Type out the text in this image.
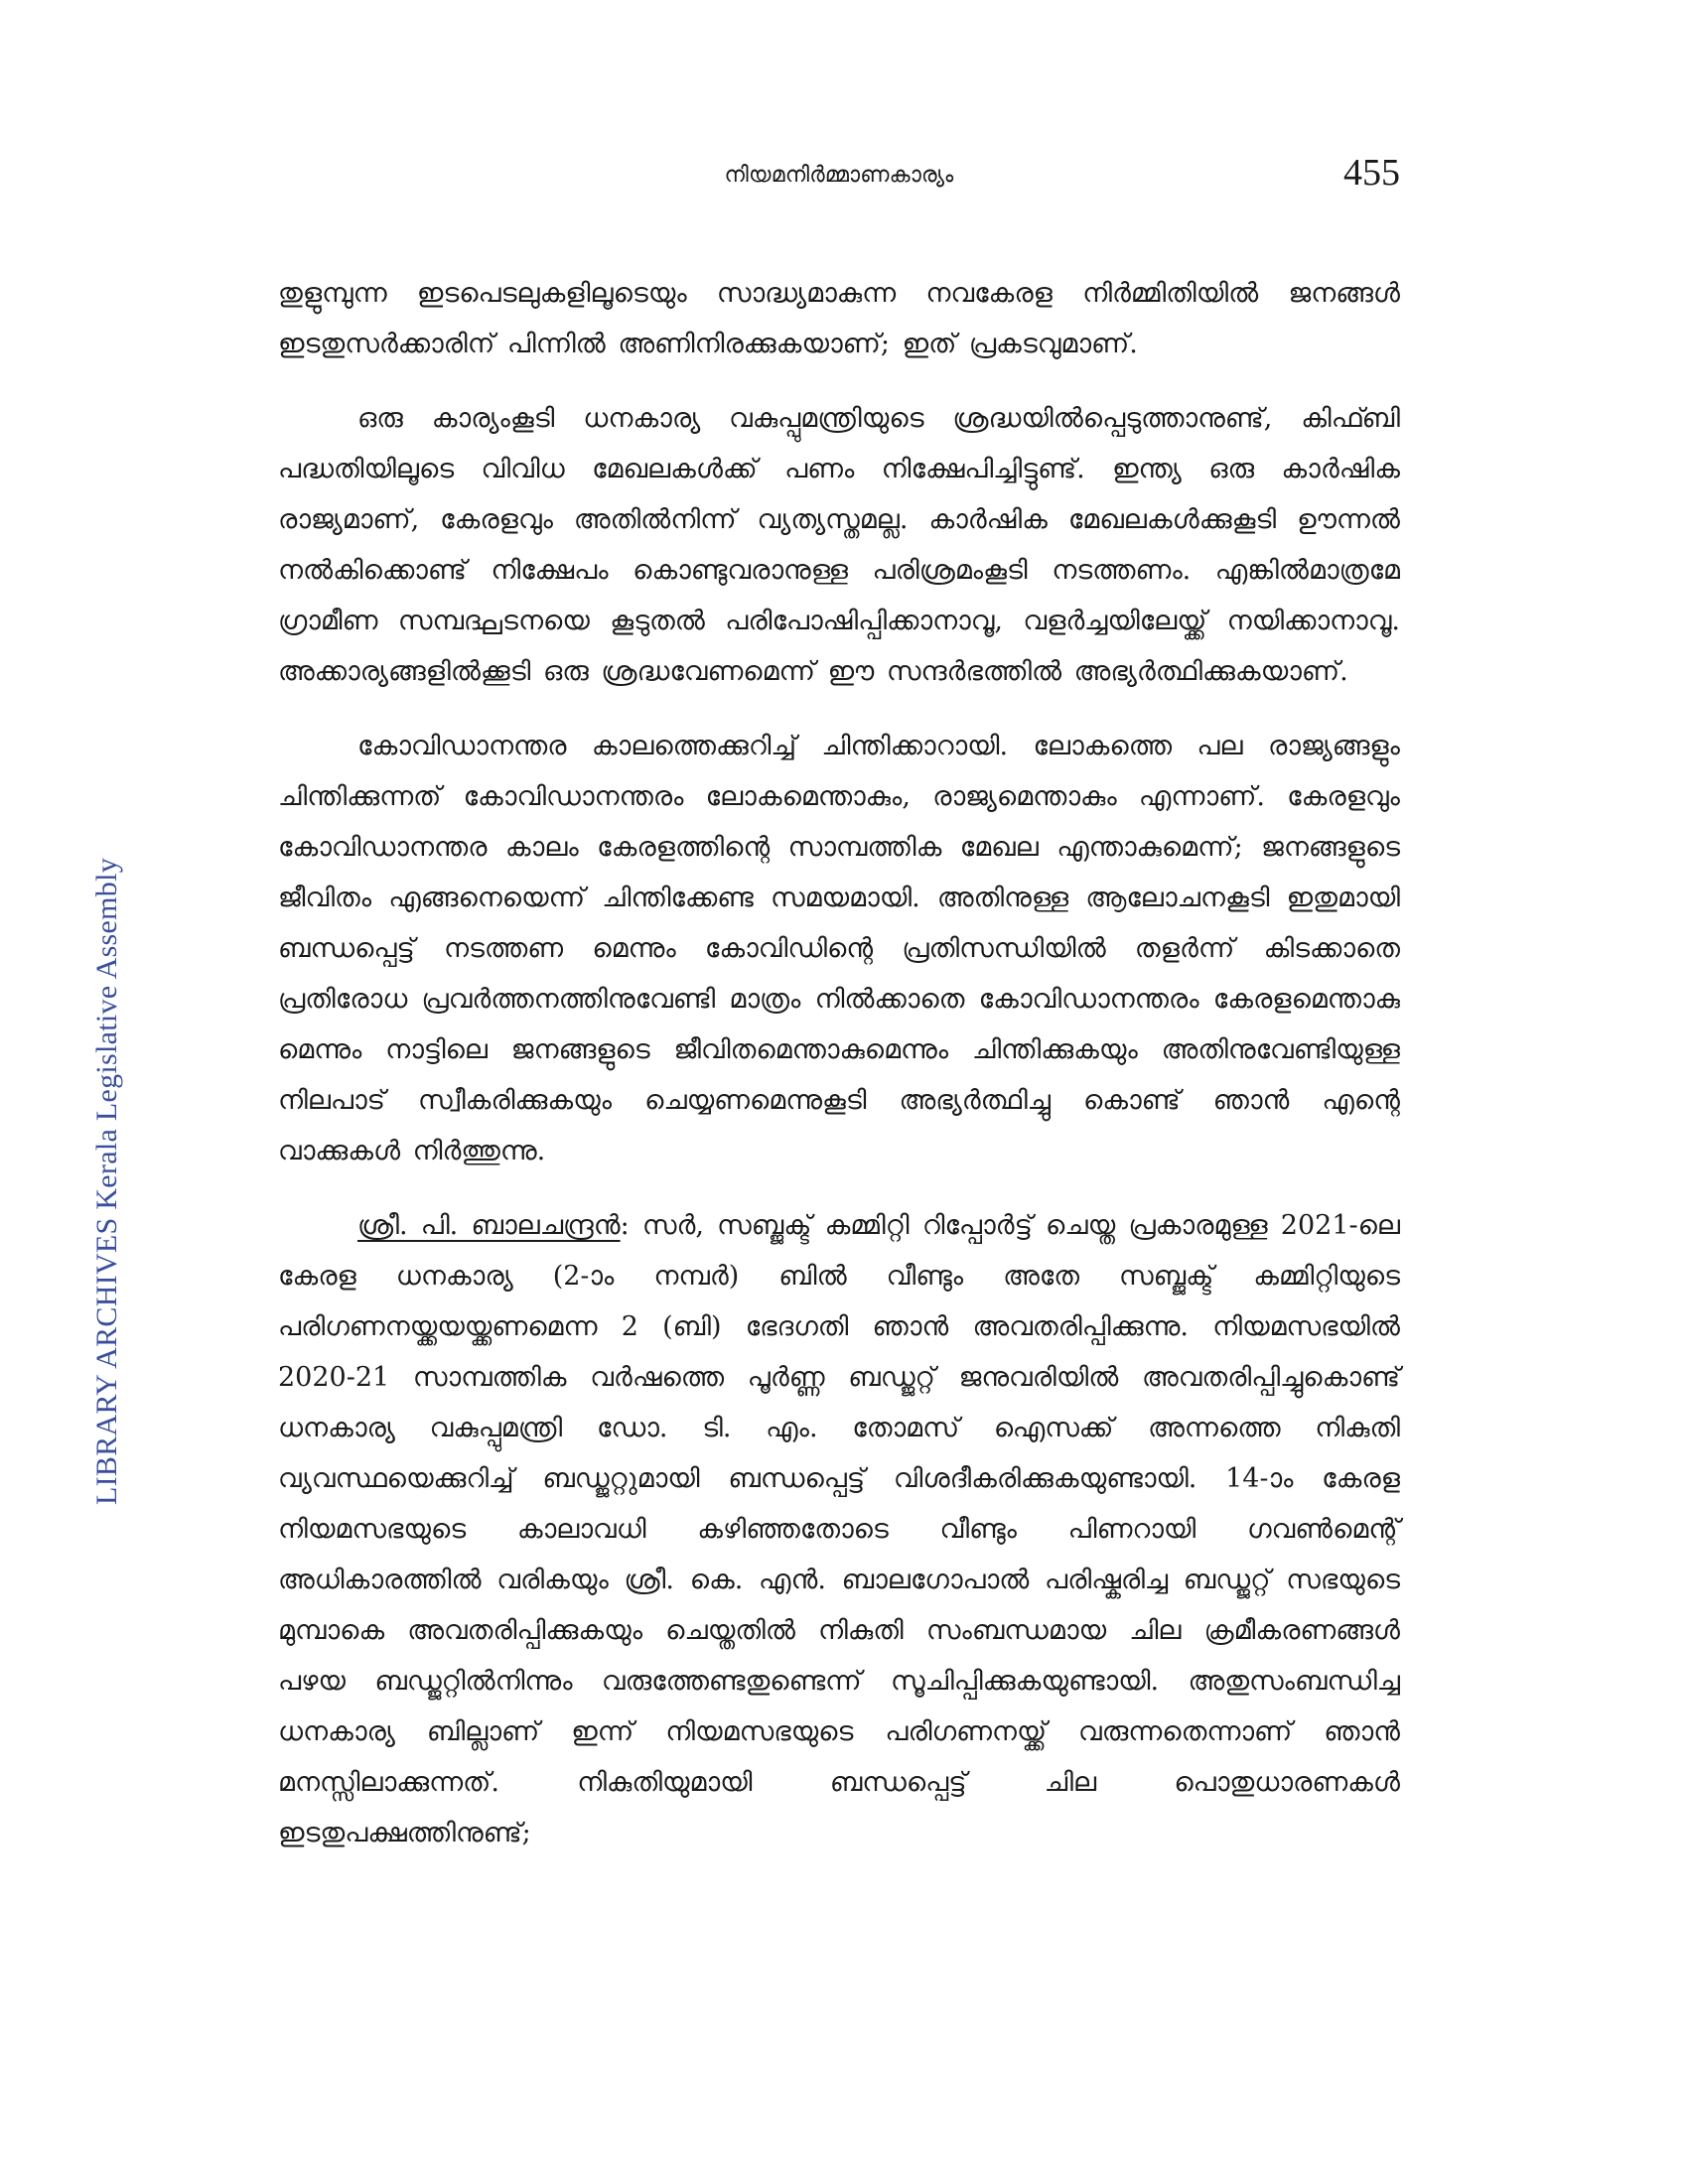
നിയമനിർമ്മാണകാര്യം	455
LIBRARY ARCHIVES Kerala Legislative Assembly

തുളുമ്പുന്ന ഇടപെടലുകളിലൂടെയും സാദ്ധ്യമാകുന്ന നവകേരള നിർമ്മിതിയിൽ ജനങ്ങൾ ഇടതുസർക്കാരിന് പിന്നിൽ അണിനിരക്കുകയാണ്; ഇത് പ്രകടവുമാണ്.

ഒരു കാര്യംകൂടി ധനകാര്യ വകുപ്പുമന്ത്രിയുടെ ശ്രദ്ധയിൽപ്പെടുത്താനുണ്ട്, കിഫ്ബി പദ്ധതിയിലൂടെ വിവിധ മേഖലകൾക്ക് പണം നിക്ഷേപിച്ചിട്ടുണ്ട്. ഇന്ത്യ ഒരു കാർഷിക രാജ്യമാണ്, കേരളവും അതിൽനിന്ന് വ്യത്യസ്തമല്ല. കാർഷിക മേഖലകൾക്കുകൂടി ഊന്നൽ നൽകിക്കൊണ്ട് നിക്ഷേപം കൊണ്ടുവരാനുള്ള പരിശ്രമംകൂടി നടത്തണം. എങ്കിൽമാത്രമേ ഗ്രാമീണ സമ്പദ്ഘടനയെ കൂടുതൽ പരിപോഷിപ്പിക്കാനാവൂ, വളർച്ചയിലേയ്ക്ക് നയിക്കാനാവൂ. അക്കാര്യങ്ങളിൽക്കൂടി ഒരു ശ്രദ്ധവേണമെന്ന് ഈ സന്ദർഭത്തിൽ അഭ്യർത്ഥിക്കുകയാണ്.

കോവിഡാനന്തര കാലത്തെക്കുറിച്ച് ചിന്തിക്കാറായി. ലോകത്തെ പല രാജ്യങ്ങളും ചിന്തിക്കുന്നത് കോവിഡാനന്തരം ലോകമെന്താകും, രാജ്യമെന്താകും എന്നാണ്. കേരളവും കോവിഡാനന്തര കാലം കേരളത്തിന്റെ സാമ്പത്തിക മേഖല എന്താകുമെന്ന്; ജനങ്ങളുടെ ജീവിതം എങ്ങനെയെന്ന് ചിന്തിക്കേണ്ട സമയമായി. അതിനുള്ള ആലോചനകൂടി ഇതുമായി ബന്ധപ്പെട്ട് നടത്തണ മെന്നും കോവിഡിന്റെ പ്രതിസന്ധിയിൽ തളർന്ന് കിടക്കാതെ പ്രതിരോധ പ്രവർത്തനത്തിനുവേണ്ടി മാത്രം നിൽക്കാതെ കോവിഡാനന്തരം കേരളമെന്താകു മെന്നും നാട്ടിലെ ജനങ്ങളുടെ ജീവിതമെന്താകുമെന്നും ചിന്തിക്കുകയും അതിനുവേണ്ടിയുള്ള നിലപാട് സ്വീകരിക്കുകയും ചെയ്യണമെന്നുകൂടി അഭ്യർത്ഥിച്ചു കൊണ്ട് ഞാൻ എന്റെ വാക്കുകൾ നിർത്തുന്നു.

ശ്രീ. പി. ബാലചന്ദ്രൻ: സർ, സബ്ജക്ട് കമ്മിറ്റി റിപ്പോർട്ട് ചെയ്ത പ്രകാരമുള്ള 2021-ലെ കേരള ധനകാര്യ (2-ാം നമ്പർ) ബിൽ വീണ്ടും അതേ സബ്ജക്ട് കമ്മിറ്റിയുടെ പരിഗണനയ്ക്കയയ്ക്കണമെന്ന 2 (ബി) ഭേദഗതി ഞാൻ അവതരിപ്പിക്കുന്നു. നിയമസഭയിൽ 2020-21 സാമ്പത്തിക വർഷത്തെ പൂർണ്ണ ബഡ്ജറ്റ് ജനുവരിയിൽ അവതരിപ്പിച്ചുകൊണ്ട് ധനകാര്യ വകുപ്പുമന്ത്രി ഡോ. ടി. എം. തോമസ് ഐസക്ക് അന്നത്തെ നികുതി വ്യവസ്ഥയെക്കുറിച്ച് ബഡ്ജറ്റുമായി ബന്ധപ്പെട്ട് വിശദീകരിക്കുകയുണ്ടായി. 14-ാം കേരള നിയമസഭയുടെ കാലാവധി കഴിഞ്ഞതോടെ വീണ്ടും പിണറായി ഗവൺമെന്റ് അധികാരത്തിൽ വരികയും ശ്രീ. കെ. എൻ. ബാലഗോപാൽ പരിഷ്കരിച്ച ബഡ്ജറ്റ് സഭയുടെ മുമ്പാകെ അവതരിപ്പിക്കുകയും ചെയ്തതിൽ നികുതി സംബന്ധമായ ചില ക്രമീകരണങ്ങൾ പഴയ ബഡ്ജറ്റിൽനിന്നും വരുത്തേണ്ടതുണ്ടെന്ന് സൂചിപ്പിക്കുകയുണ്ടായി. അതുസംബന്ധിച്ച ധനകാര്യ ബില്ലാണ് ഇന്ന് നിയമസഭയുടെ പരിഗണനയ്ക്ക് വരുന്നതെന്നാണ് ഞാൻ മനസ്സിലാക്കുന്നത്. നികുതിയുമായി ബന്ധപ്പെട്ട് ചില പൊതുധാരണകൾ ഇടതുപക്ഷത്തിനുണ്ട്;
